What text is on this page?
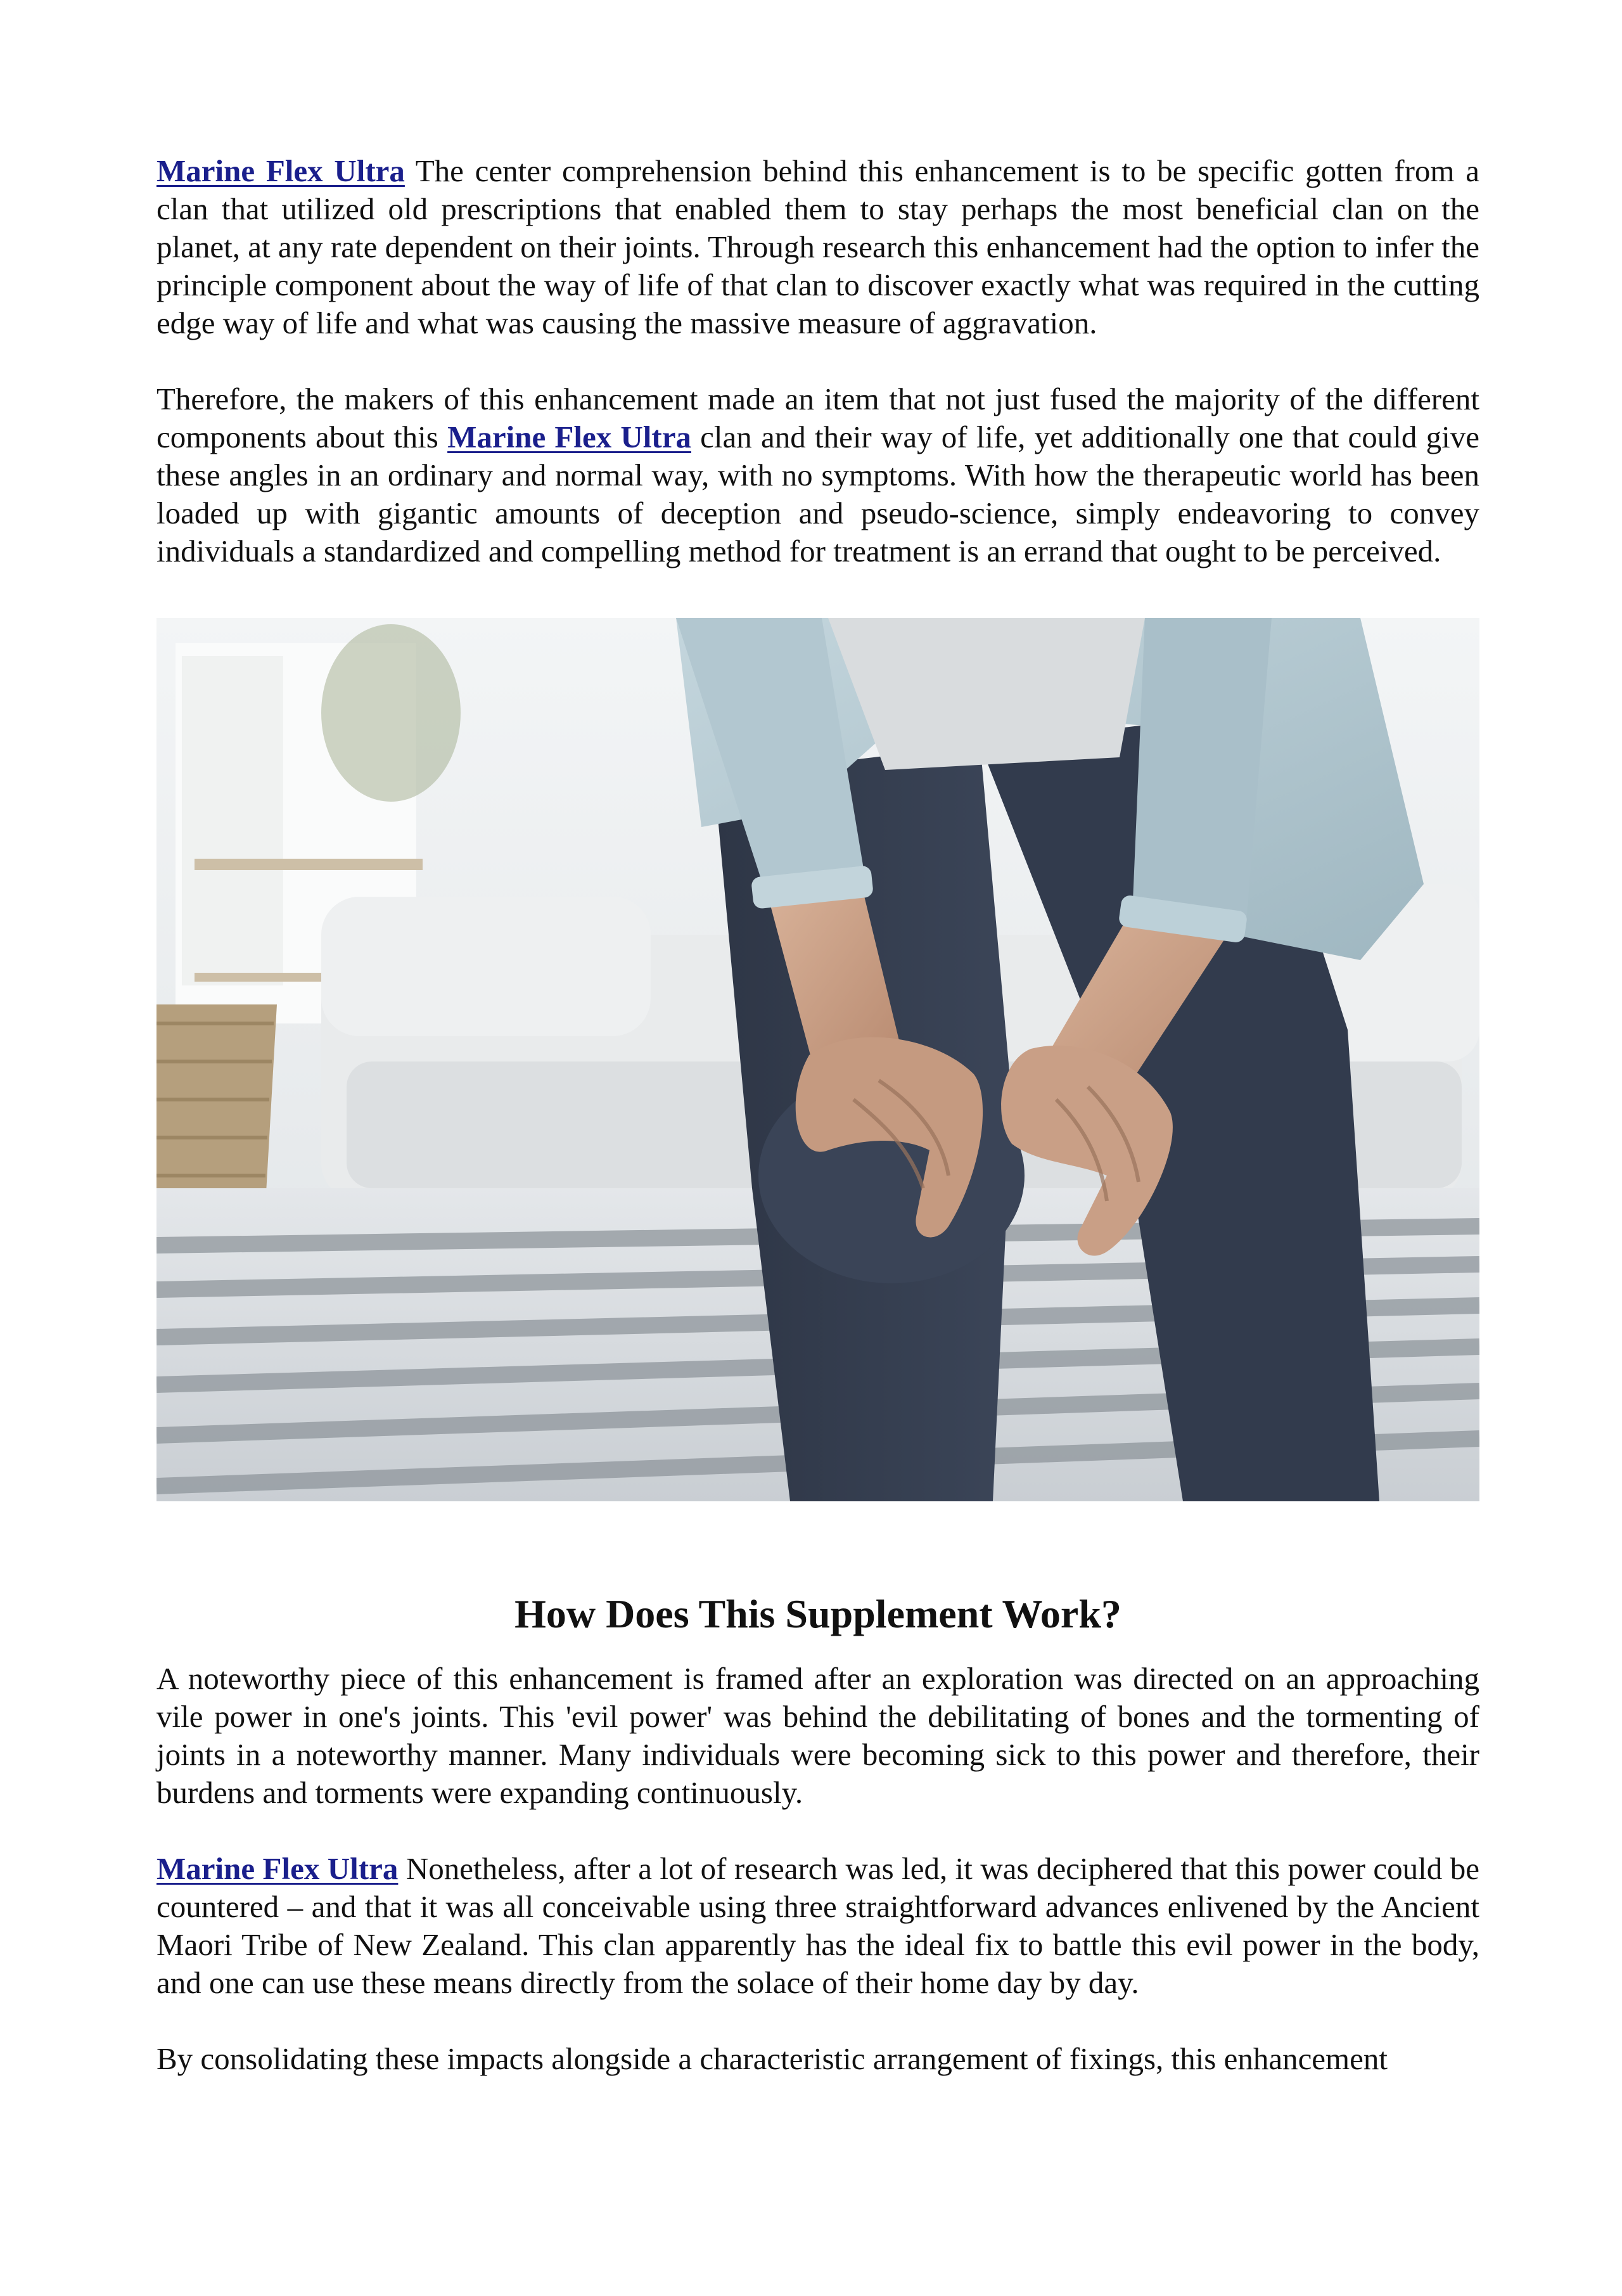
Marine Flex Ultra The center comprehension behind this enhancement is to be specific gotten from a clan that utilized old prescriptions that enabled them to stay perhaps the most beneficial clan on the planet, at any rate dependent on their joints. Through research this enhancement had the option to infer the principle component about the way of life of that clan to discover exactly what was required in the cutting edge way of life and what was causing the massive measure of aggravation.

Therefore, the makers of this enhancement made an item that not just fused the majority of the different components about this Marine Flex Ultra clan and their way of life, yet additionally one that could give these angles in an ordinary and normal way, with no symptoms. With how the therapeutic world has been loaded up with gigantic amounts of deception and pseudo-science, simply endeavoring to convey individuals a standardized and compelling method for treatment is an errand that ought to be perceived.

How Does This Supplement Work?

A noteworthy piece of this enhancement is framed after an exploration was directed on an approaching vile power in one's joints. This 'evil power' was behind the debilitating of bones and the tormenting of joints in a noteworthy manner. Many individuals were becoming sick to this power and therefore, their burdens and torments were expanding continuously.

Marine Flex Ultra Nonetheless, after a lot of research was led, it was deciphered that this power could be countered – and that it was all conceivable using three straightforward advances enlivened by the Ancient Maori Tribe of New Zealand. This clan apparently has the ideal fix to battle this evil power in the body, and one can use these means directly from the solace of their home day by day.

By consolidating these impacts alongside a characteristic arrangement of fixings, this enhancement
